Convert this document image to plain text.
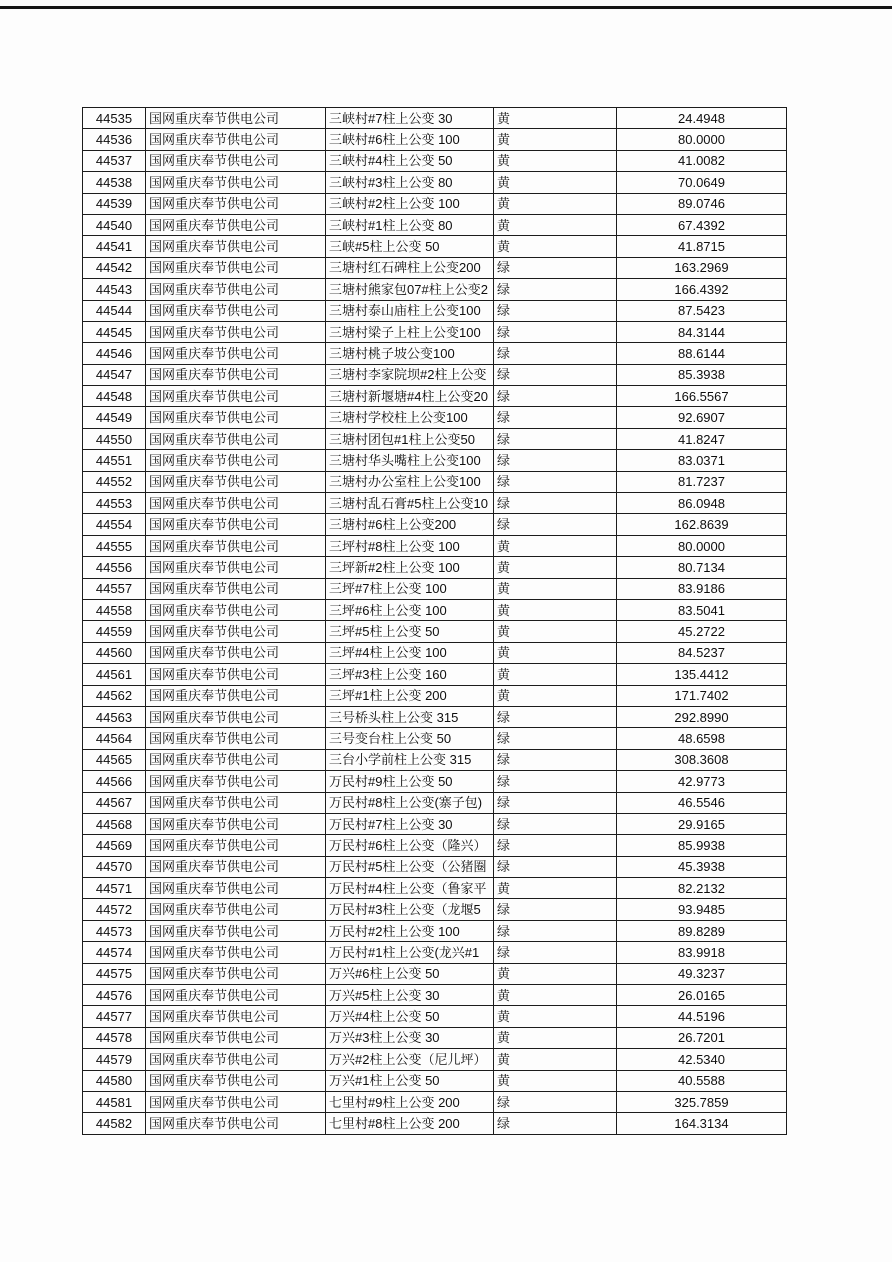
44535	国网重庆奉节供电公司	三峡村#7柱上公变 30	黄	24.4948
44536	国网重庆奉节供电公司	三峡村#6柱上公变 100	黄	80.0000
44537	国网重庆奉节供电公司	三峡村#4柱上公变 50	黄	41.0082
44538	国网重庆奉节供电公司	三峡村#3柱上公变 80	黄	70.0649
44539	国网重庆奉节供电公司	三峡村#2柱上公变 100	黄	89.0746
44540	国网重庆奉节供电公司	三峡村#1柱上公变 80	黄	67.4392
44541	国网重庆奉节供电公司	三峡#5柱上公变 50	黄	41.8715
44542	国网重庆奉节供电公司	三塘村红石碑柱上公变200	绿	163.2969
44543	国网重庆奉节供电公司	三塘村熊家包07#柱上公变2	绿	166.4392
44544	国网重庆奉节供电公司	三塘村泰山庙柱上公变100	绿	87.5423
44545	国网重庆奉节供电公司	三塘村梁子上柱上公变100	绿	84.3144
44546	国网重庆奉节供电公司	三塘村桃子坡公变100	绿	88.6144
44547	国网重庆奉节供电公司	三塘村李家院坝#2柱上公变	绿	85.3938
44548	国网重庆奉节供电公司	三塘村新堰塘#4柱上公变20	绿	166.5567
44549	国网重庆奉节供电公司	三塘村学校柱上公变100	绿	92.6907
44550	国网重庆奉节供电公司	三塘村团包#1柱上公变50	绿	41.8247
44551	国网重庆奉节供电公司	三塘村华头嘴柱上公变100	绿	83.0371
44552	国网重庆奉节供电公司	三塘村办公室柱上公变100	绿	81.7237
44553	国网重庆奉节供电公司	三塘村乱石膏#5柱上公变10	绿	86.0948
44554	国网重庆奉节供电公司	三塘村#6柱上公变200	绿	162.8639
44555	国网重庆奉节供电公司	三坪村#8柱上公变 100	黄	80.0000
44556	国网重庆奉节供电公司	三坪新#2柱上公变 100	黄	80.7134
44557	国网重庆奉节供电公司	三坪#7柱上公变 100	黄	83.9186
44558	国网重庆奉节供电公司	三坪#6柱上公变 100	黄	83.5041
44559	国网重庆奉节供电公司	三坪#5柱上公变 50	黄	45.2722
44560	国网重庆奉节供电公司	三坪#4柱上公变 100	黄	84.5237
44561	国网重庆奉节供电公司	三坪#3柱上公变 160	黄	135.4412
44562	国网重庆奉节供电公司	三坪#1柱上公变 200	黄	171.7402
44563	国网重庆奉节供电公司	三号桥头柱上公变 315	绿	292.8990
44564	国网重庆奉节供电公司	三号变台柱上公变 50	绿	48.6598
44565	国网重庆奉节供电公司	三台小学前柱上公变 315	绿	308.3608
44566	国网重庆奉节供电公司	万民村#9柱上公变 50	绿	42.9773
44567	国网重庆奉节供电公司	万民村#8柱上公变(寨子包)	绿	46.5546
44568	国网重庆奉节供电公司	万民村#7柱上公变 30	绿	29.9165
44569	国网重庆奉节供电公司	万民村#6柱上公变（隆兴）	绿	85.9938
44570	国网重庆奉节供电公司	万民村#5柱上公变（公猪圈	绿	45.3938
44571	国网重庆奉节供电公司	万民村#4柱上公变（鲁家平	黄	82.2132
44572	国网重庆奉节供电公司	万民村#3柱上公变（龙堰5	绿	93.9485
44573	国网重庆奉节供电公司	万民村#2柱上公变 100	绿	89.8289
44574	国网重庆奉节供电公司	万民村#1柱上公变(龙兴#1	绿	83.9918
44575	国网重庆奉节供电公司	万兴#6柱上公变 50	黄	49.3237
44576	国网重庆奉节供电公司	万兴#5柱上公变 30	黄	26.0165
44577	国网重庆奉节供电公司	万兴#4柱上公变 50	黄	44.5196
44578	国网重庆奉节供电公司	万兴#3柱上公变 30	黄	26.7201
44579	国网重庆奉节供电公司	万兴#2柱上公变（尼儿坪）	黄	42.5340
44580	国网重庆奉节供电公司	万兴#1柱上公变 50	黄	40.5588
44581	国网重庆奉节供电公司	七里村#9柱上公变 200	绿	325.7859
44582	国网重庆奉节供电公司	七里村#8柱上公变 200	绿	164.3134
